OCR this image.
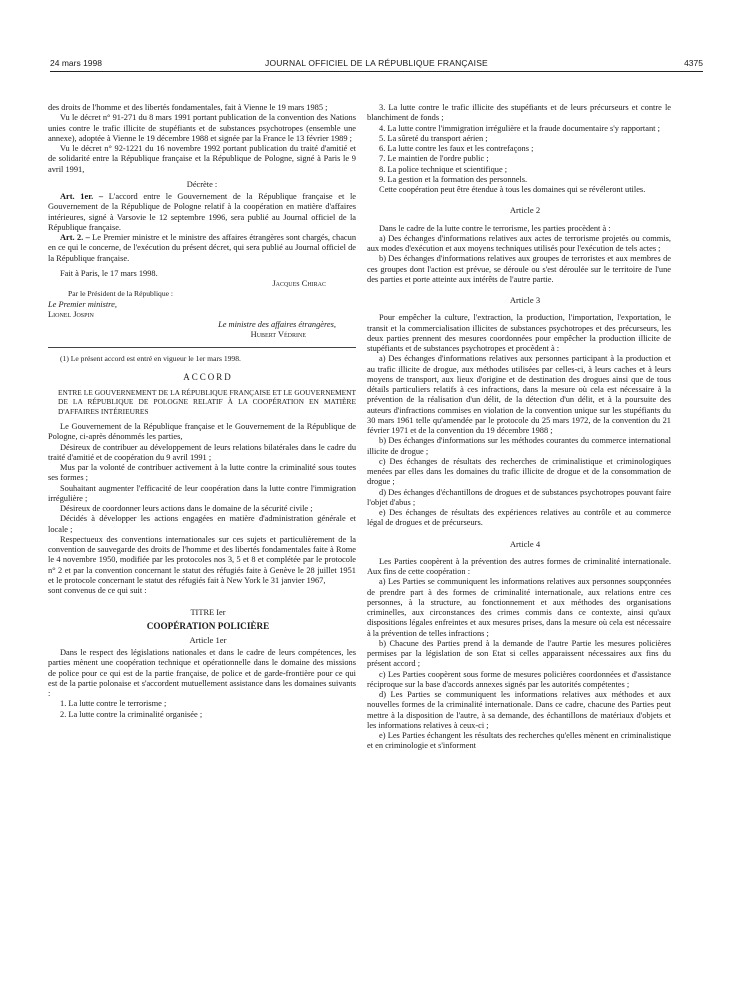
24 mars 1998	JOURNAL OFFICIEL DE LA RÉPUBLIQUE FRANÇAISE	4375

des droits de l'homme et des libertés fondamentales, fait à Vienne le 19 mars 1985 ;

Vu le décret n° 91-271 du 8 mars 1991 portant publication de la convention des Nations unies contre le trafic illicite de stupéfiants et de substances psychotropes (ensemble une annexe), adoptée à Vienne le 19 décembre 1988 et signée par la France le 13 février 1989 ;

Vu le décret n° 92-1221 du 16 novembre 1992 portant publication du traité d'amitié et de solidarité entre la République française et la République de Pologne, signé à Paris le 9 avril 1991,

Décrète :

Art. 1er. – L'accord entre le Gouvernement de la République française et le Gouvernement de la République de Pologne relatif à la coopération en matière d'affaires intérieures, signé à Varsovie le 12 septembre 1996, sera publié au Journal officiel de la République française.

Art. 2. – Le Premier ministre et le ministre des affaires étrangères sont chargés, chacun en ce qui le concerne, de l'exécution du présent décret, qui sera publié au Journal officiel de la République française.

Fait à Paris, le 17 mars 1998.

Jacques Chirac

Par le Président de la République :

Le Premier ministre,

Lionel Jospin

Le ministre des affaires étrangères,

Hubert Védrine

(1) Le présent accord est entré en vigueur le 1er mars 1998.

ACCORD

ENTRE LE GOUVERNEMENT DE LA RÉPUBLIQUE FRANÇAISE ET LE GOUVERNEMENT DE LA RÉPUBLIQUE DE POLOGNE RELATIF À LA COOPÉRATION EN MATIÈRE D'AFFAIRES INTÉRIEURES

Le Gouvernement de la République française et le Gouvernement de la République de Pologne, ci-après dénommés les parties,

Désireux de contribuer au développement de leurs relations bilatérales dans le cadre du traité d'amitié et de coopération du 9 avril 1991 ;

Mus par la volonté de contribuer activement à la lutte contre la criminalité sous toutes ses formes ;

Souhaitant augmenter l'efficacité de leur coopération dans la lutte contre l'immigration irrégulière ;

Désireux de coordonner leurs actions dans le domaine de la sécurité civile ;

Décidés à développer les actions engagées en matière d'administration générale et locale ;

Respectueux des conventions internationales sur ces sujets et particulièrement de la convention de sauvegarde des droits de l'homme et des libertés fondamentales faite à Rome le 4 novembre 1950, modifiée par les protocoles nos 3, 5 et 8 et complétée par le protocole n° 2 et par la convention concernant le statut des réfugiés faite à Genève le 28 juillet 1951 et le protocole concernant le statut des réfugiés fait à New York le 31 janvier 1967,

sont convenus de ce qui suit :

TITRE Ier

COOPÉRATION POLICIÈRE

Article 1er

Dans le respect des législations nationales et dans le cadre de leurs compétences, les parties mènent une coopération technique et opérationnelle dans le domaine des missions de police pour ce qui est de la partie française, de police et de garde-frontière pour ce qui est de la partie polonaise et s'accordent mutuellement assistance dans les domaines suivants :

1. La lutte contre le terrorisme ;

2. La lutte contre la criminalité organisée ;

3. La lutte contre le trafic illicite des stupéfiants et de leurs précurseurs et contre le blanchiment de fonds ;

4. La lutte contre l'immigration irrégulière et la fraude documentaire s'y rapportant ;

5. La sûreté du transport aérien ;

6. La lutte contre les faux et les contrefaçons ;

7. Le maintien de l'ordre public ;

8. La police technique et scientifique ;

9. La gestion et la formation des personnels.

Cette coopération peut être étendue à tous les domaines qui se révéleront utiles.

Article 2

Dans le cadre de la lutte contre le terrorisme, les parties procèdent à :

a) Des échanges d'informations relatives aux actes de terrorisme projetés ou commis, aux modes d'exécution et aux moyens techniques utilisés pour l'exécution de tels actes ;

b) Des échanges d'informations relatives aux groupes de terroristes et aux membres de ces groupes dont l'action est prévue, se déroule ou s'est déroulée sur le territoire de l'une des parties et porte atteinte aux intérêts de l'autre partie.

Article 3

Pour empêcher la culture, l'extraction, la production, l'importation, l'exportation, le transit et la commercialisation illicites de substances psychotropes et des précurseurs, les deux parties prennent des mesures coordonnées pour empêcher la production illicite de stupéfiants et de substances psychotropes et procèdent à :

a) Des échanges d'informations relatives aux personnes participant à la production et au trafic illicite de drogue, aux méthodes utilisées par celles-ci, à leurs caches et à leurs moyens de transport, aux lieux d'origine et de destination des drogues ainsi que de tous détails particuliers relatifs à ces infractions, dans la mesure où cela est nécessaire à la prévention de la réalisation d'un délit, de la détection d'un délit, et à la poursuite des auteurs d'infractions commises en violation de la convention unique sur les stupéfiants du 30 mars 1961 telle qu'amendée par le protocole du 25 mars 1972, de la convention du 21 février 1971 et de la convention du 19 décembre 1988 ;

b) Des échanges d'informations sur les méthodes courantes du commerce international illicite de drogue ;

c) Des échanges de résultats des recherches de criminalistique et criminologiques menées par elles dans les domaines du trafic illicite de drogue et de la consommation de drogue ;

d) Des échanges d'échantillons de drogues et de substances psychotropes pouvant faire l'objet d'abus ;

e) Des échanges de résultats des expériences relatives au contrôle et au commerce légal de drogues et de précurseurs.

Article 4

Les Parties coopèrent à la prévention des autres formes de criminalité internationale. Aux fins de cette coopération :

a) Les Parties se communiquent les informations relatives aux personnes soupçonnées de prendre part à des formes de criminalité internationale, aux relations entre ces personnes, à la structure, au fonctionnement et aux méthodes des organisations criminelles, aux circonstances des crimes commis dans ce contexte, ainsi qu'aux dispositions légales enfreintes et aux mesures prises, dans la mesure où cela est nécessaire à la prévention de telles infractions ;

b) Chacune des Parties prend à la demande de l'autre Partie les mesures policières permises par la législation de son Etat si celles apparaissent nécessaires aux fins du présent accord ;

c) Les Parties coopèrent sous forme de mesures policières coordonnées et d'assistance réciproque sur la base d'accords annexes signés par les autorités compétentes ;

d) Les Parties se communiquent les informations relatives aux méthodes et aux nouvelles formes de la criminalité internationale. Dans ce cadre, chacune des Parties peut mettre à la disposition de l'autre, à sa demande, des échantillons de matériaux d'objets et les informations relatives à ceux-ci ;

e) Les Parties échangent les résultats des recherches qu'elles mènent en criminalistique et en criminologie et s'informent
